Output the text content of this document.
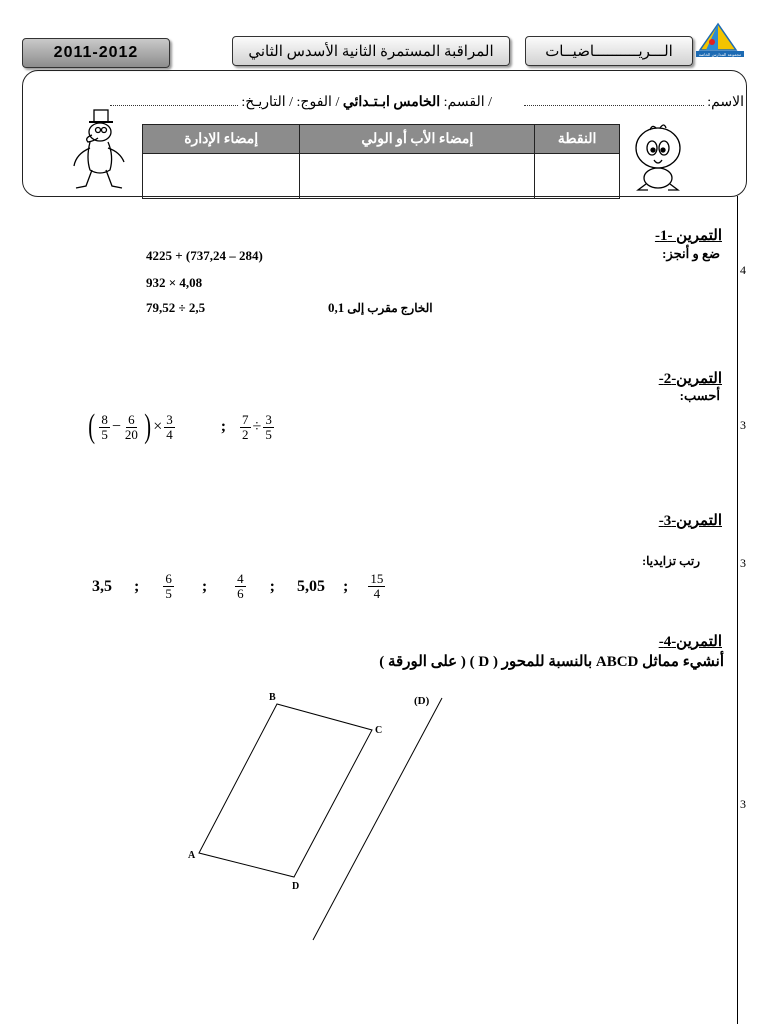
2011-2012	المراقبة المستمرة الثانية الأسدس الثاني	الـــريــــــــــاضيــات	مجموعة المدارس الخاصة
الاسم:
/ القسم: الخامس ابـتـدائي / الفوج: / التاريـخ:
النقطة	إمضاء الأب أو الولي	إمضاء الإدارة

4
3
3
3
التمرين -1-
ضع و أنجز:
4225 + (737,24 – 284)
932 × 4,08
79,52 ÷ 2,5	الخارج مقرب إلى 0,1
التمرين-2-
أحسب:
( $\frac{8}{5} - \frac{6}{20}$ ) × $\frac{3}{4}$	; $\frac{7}{2} \div \frac{3}{5}$
التمرين-3-
رتب تزايديا:
3,5 ; $\frac{6}{5}$ ; $\frac{4}{6}$ ; 5,05 ; $\frac{15}{4}$
التمرين-4-
أنشيء مماثل ABCD بالنسبة للمحور ( D ) ( على الورقة )
A
B
C
D
(D)
